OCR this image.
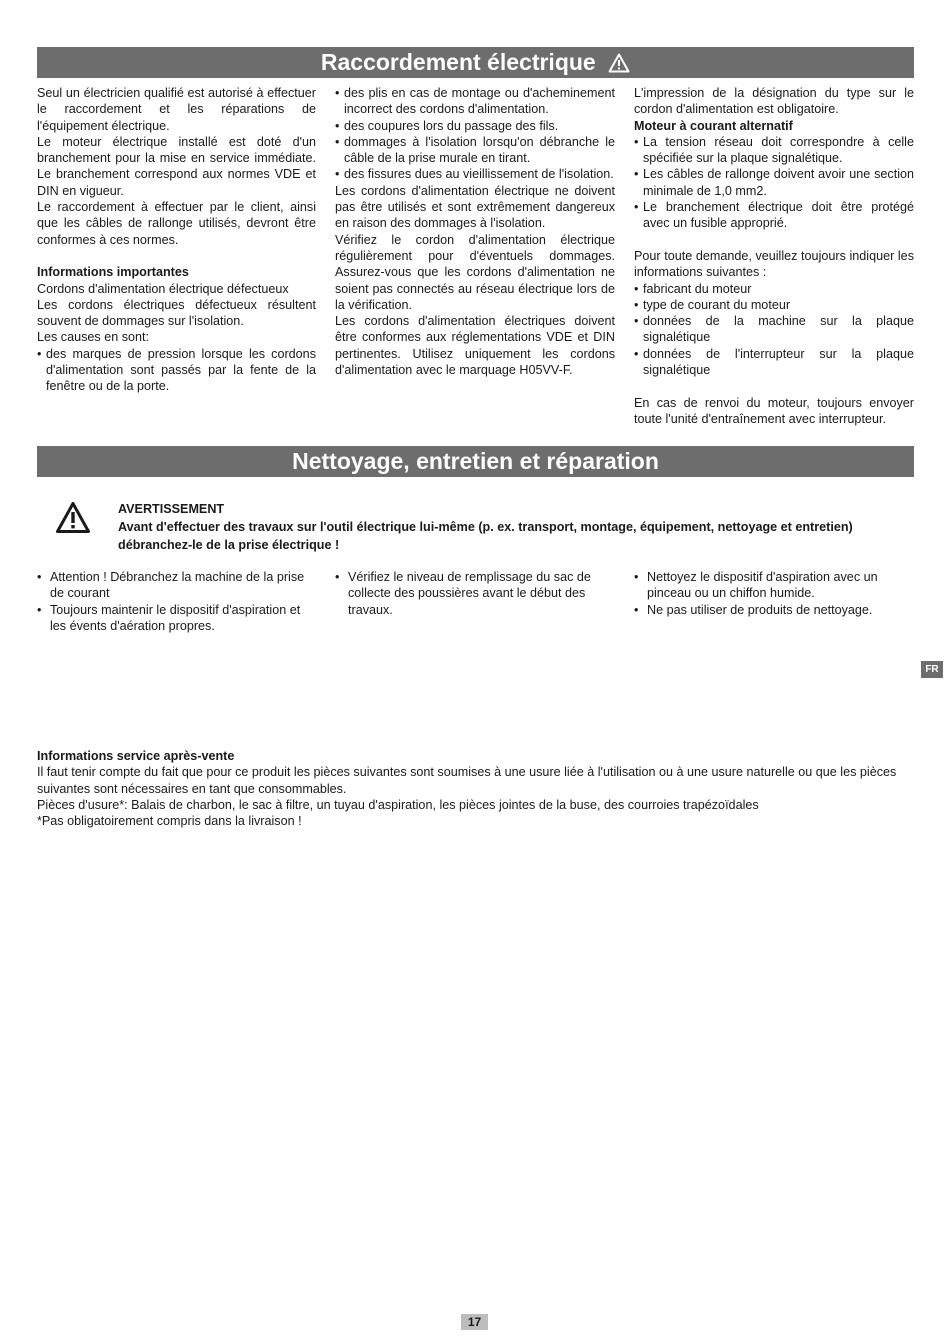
Raccordement électrique

Seul un électricien qualifié est autorisé à effectuer le raccordement et les réparations de l'équipement électrique.

Le moteur électrique installé est doté d'un branchement pour la mise en service immédiate. Le branchement correspond aux normes VDE et DIN en vigueur.

Le raccordement à effectuer par le client, ainsi que les câbles de rallonge utilisés, devront être conformes à ces normes.

Informations importantes

Cordons d'alimentation électrique défectueux

Les cordons électriques défectueux résultent souvent de dommages sur l'isolation.

Les causes en sont:

• des marques de pression lorsque les cordons d'alimentation sont passés par la fente de la fenêtre ou de la porte.

• des plis en cas de montage ou d'acheminement incorrect des cordons d'alimentation.

• des coupures lors du passage des fils.

• dommages à l'isolation lorsqu'on débranche le câble de la prise murale en tirant.

• des fissures dues au vieillissement de l'isolation.

Les cordons d'alimentation électrique ne doivent pas être utilisés et sont extrêmement dangereux en raison des dommages à l'isolation.

Vérifiez le cordon d'alimentation électrique régulièrement pour d'éventuels dommages. Assurez-vous que les cordons d'alimentation ne soient pas connectés au réseau électrique lors de la vérification.

Les cordons d'alimentation électriques doivent être conformes aux réglementations VDE et DIN pertinentes. Utilisez uniquement les cordons d'alimentation avec le marquage H05VV-F.

L'impression de la désignation du type sur le cordon d'alimentation est obligatoire.

Moteur à courant alternatif

• La tension réseau doit correspondre à celle spécifiée sur la plaque signalétique.

• Les câbles de rallonge doivent avoir une section minimale de 1,0 mm2.

• Le branchement électrique doit être protégé avec un fusible approprié.

Pour toute demande, veuillez toujours indiquer les informations suivantes :

• fabricant du moteur

• type de courant du moteur

• données de la machine sur la plaque signalétique

• données de l'interrupteur sur la plaque signalétique

En cas de renvoi du moteur, toujours envoyer toute l'unité d'entraînement avec interrupteur.

Nettoyage, entretien et réparation

AVERTISSEMENT

Avant d'effectuer des travaux sur l'outil électrique lui-même (p. ex. transport, montage, équipement, nettoyage et entretien) débranchez-le de la prise électrique !

• Attention ! Débranchez la machine de la prise de courant

• Toujours maintenir le dispositif d'aspiration et les évents d'aération propres.

• Vérifiez le niveau de remplissage du sac de collecte des poussières avant le début des travaux.

• Nettoyez le dispositif d'aspiration avec un pinceau ou un chiffon humide.

• Ne pas utiliser de produits de nettoyage.

FR

Informations service après-vente

Il faut tenir compte du fait que pour ce produit les pièces suivantes sont soumises à une usure liée à l'utilisation ou à une usure naturelle ou que les pièces suivantes sont nécessaires en tant que consommables.

Pièces d'usure*: Balais de charbon, le sac à filtre, un tuyau d'aspiration, les pièces jointes de la buse, des courroies trapézoïdales

*Pas obligatoirement compris dans la livraison !

17
